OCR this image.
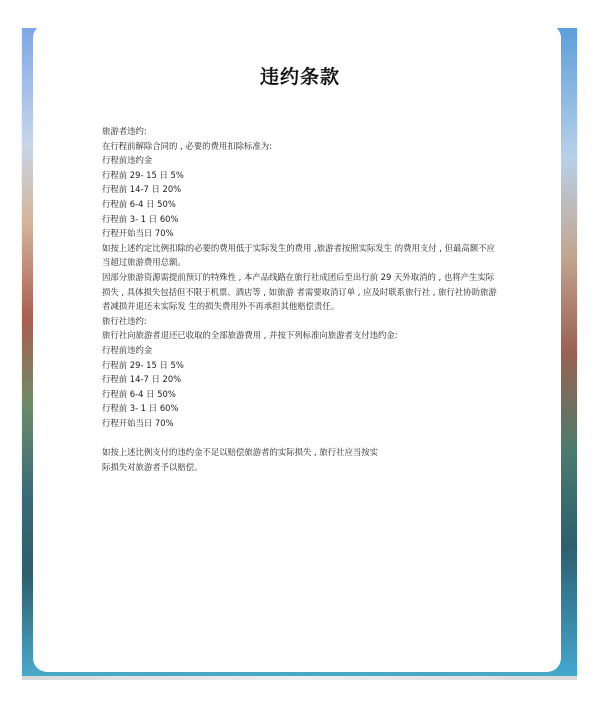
违约条款
旅游者违约:
在行程前解除合同的 , 必要的费用扣除标准为:
行程前违约金
行程前 29- 15 日 5%
行程前 14-7 日 20%
行程前 6-4 日 50%
行程前 3- 1 日 60%
行程开始当日 70%
如按上述约定比例扣除的必要的费用低于实际发生的费用 ,旅游者按照实际发生 的费用支付 , 但最高额不应当超过旅游费用总额。
因部分旅游资源需提前预订的特殊性 , 本产品线路在旅行社成团后至出行前 29 天外取消的 , 也将产生实际损失 , 具体损失包括但不限于机票、酒店等 , 如旅游 者需要取消订单 , 应及时联系旅行社 , 旅行社协助旅游者减损并退还未实际发 生的损失费用外不再承担其他赔偿责任。
旅行社违约:
旅行社向旅游者退还已收取的全部旅游费用 , 并按下列标准向旅游者支付违约金:
行程前违约金
行程前 29- 15 日 5%
行程前 14-7 日 20%
行程前 6-4 日 50%
行程前 3- 1 日 60%
行程开始当日 70%
如按上述比例支付的违约金不足以赔偿旅游者的实际损失 , 旅行社应当按实
际损失对旅游者予以赔偿。
